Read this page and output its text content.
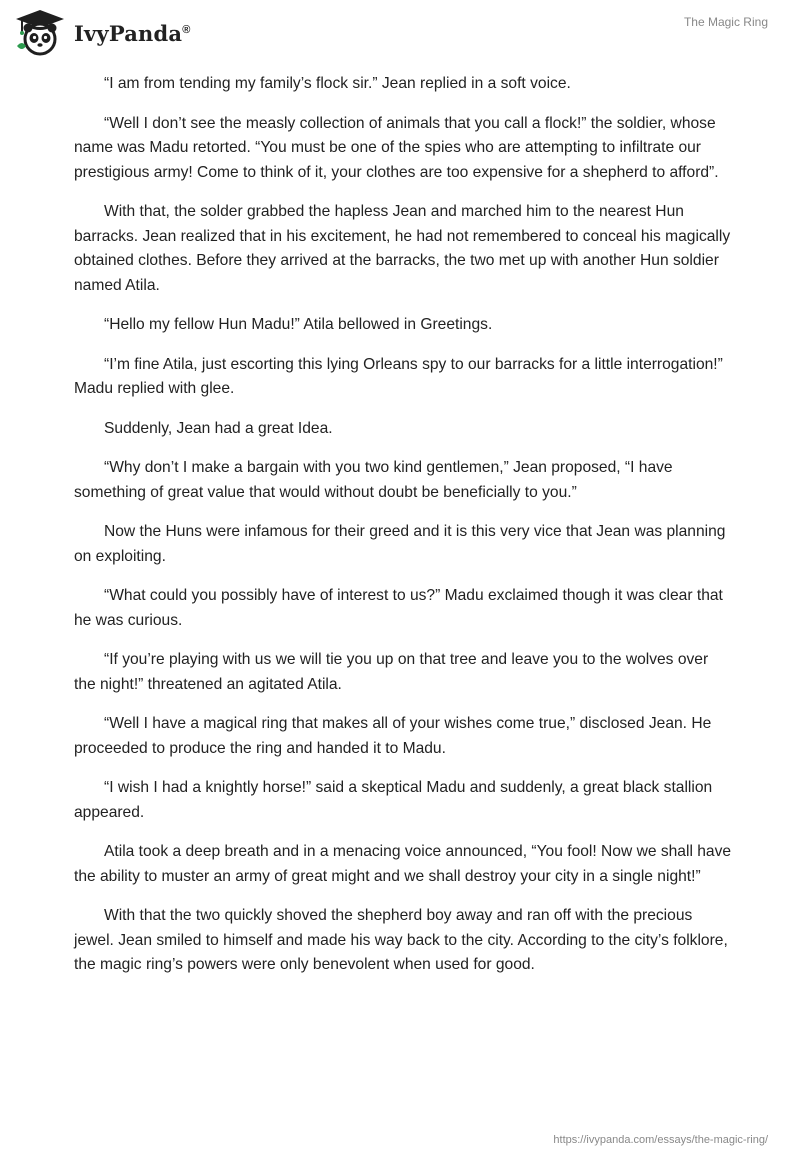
IvyPanda®
The Magic Ring

“I am from tending my family’s flock sir.” Jean replied in a soft voice.

“Well I don’t see the measly collection of animals that you call a flock!” the soldier, whose name was Madu retorted. “You must be one of the spies who are attempting to infiltrate our prestigious army! Come to think of it, your clothes are too expensive for a shepherd to afford”.

With that, the solder grabbed the hapless Jean and marched him to the nearest Hun barracks. Jean realized that in his excitement, he had not remembered to conceal his magically obtained clothes. Before they arrived at the barracks, the two met up with another Hun soldier named Atila.

“Hello my fellow Hun Madu!” Atila bellowed in Greetings.

“I’m fine Atila, just escorting this lying Orleans spy to our barracks for a little interrogation!” Madu replied with glee.

Suddenly, Jean had a great Idea.

“Why don’t I make a bargain with you two kind gentlemen,” Jean proposed, “I have something of great value that would without doubt be beneficially to you.”

Now the Huns were infamous for their greed and it is this very vice that Jean was planning on exploiting.

“What could you possibly have of interest to us?” Madu exclaimed though it was clear that he was curious.

“If you’re playing with us we will tie you up on that tree and leave you to the wolves over the night!” threatened an agitated Atila.

“Well I have a magical ring that makes all of your wishes come true,” disclosed Jean. He proceeded to produce the ring and handed it to Madu.

“I wish I had a knightly horse!” said a skeptical Madu and suddenly, a great black stallion appeared.

Atila took a deep breath and in a menacing voice announced, “You fool! Now we shall have the ability to muster an army of great might and we shall destroy your city in a single night!”

With that the two quickly shoved the shepherd boy away and ran off with the precious jewel. Jean smiled to himself and made his way back to the city. According to the city’s folklore, the magic ring’s powers were only benevolent when used for good.

https://ivypanda.com/essays/the-magic-ring/
